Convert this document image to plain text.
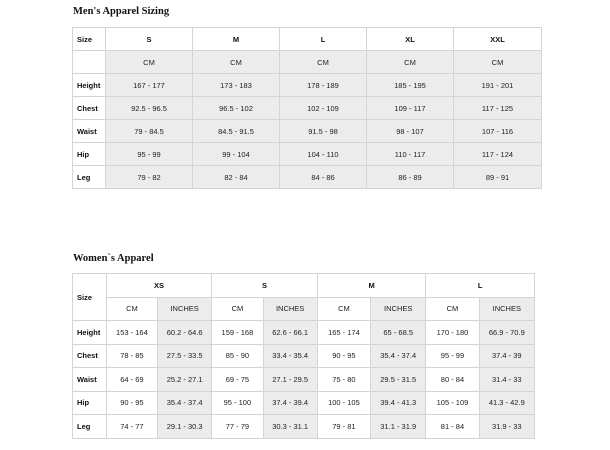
Men's Apparel Sizing
Size	S	M	L	XL	XXL
	CM	CM	CM	CM	CM
Height	167 - 177	173 - 183	178 - 189	185 - 195	191 - 201
Chest	92.5 - 96.5	96.5 - 102	102 - 109	109 - 117	117 - 125
Waist	79 - 84.5	84.5 - 91.5	91.5 - 98	98 - 107	107 - 116
Hip	95 - 99	99 - 104	104 - 110	110 - 117	117 - 124
Leg	79 - 82	82 - 84	84 - 86	86 - 89	89 - 91
Women`s Apparel
Size	XS		S		M		L	
	CM	INCHES	CM	INCHES	CM	INCHES	CM	INCHES
Height	153 - 164	60.2 - 64.6	159 - 168	62.6 - 66.1	165 - 174	65 - 68.5	170 - 180	66.9 - 70.9
Chest	78 - 85	27.5 - 33.5	85 - 90	33.4 - 35.4	90 - 95	35.4 - 37.4	95 - 99	37.4 - 39
Waist	64 - 69	25.2 - 27.1	69 - 75	27.1 - 29.5	75 - 80	29.5 - 31.5	80 - 84	31.4 - 33
Hip	90 - 95	35.4 - 37.4	95 - 100	37.4 - 39.4	100 - 105	39.4 - 41.3	105 - 109	41.3 - 42.9
Leg	74 - 77	29.1 - 30.3	77 - 79	30.3 - 31.1	79 - 81	31.1 - 31.9	81 - 84	31.9 - 33
